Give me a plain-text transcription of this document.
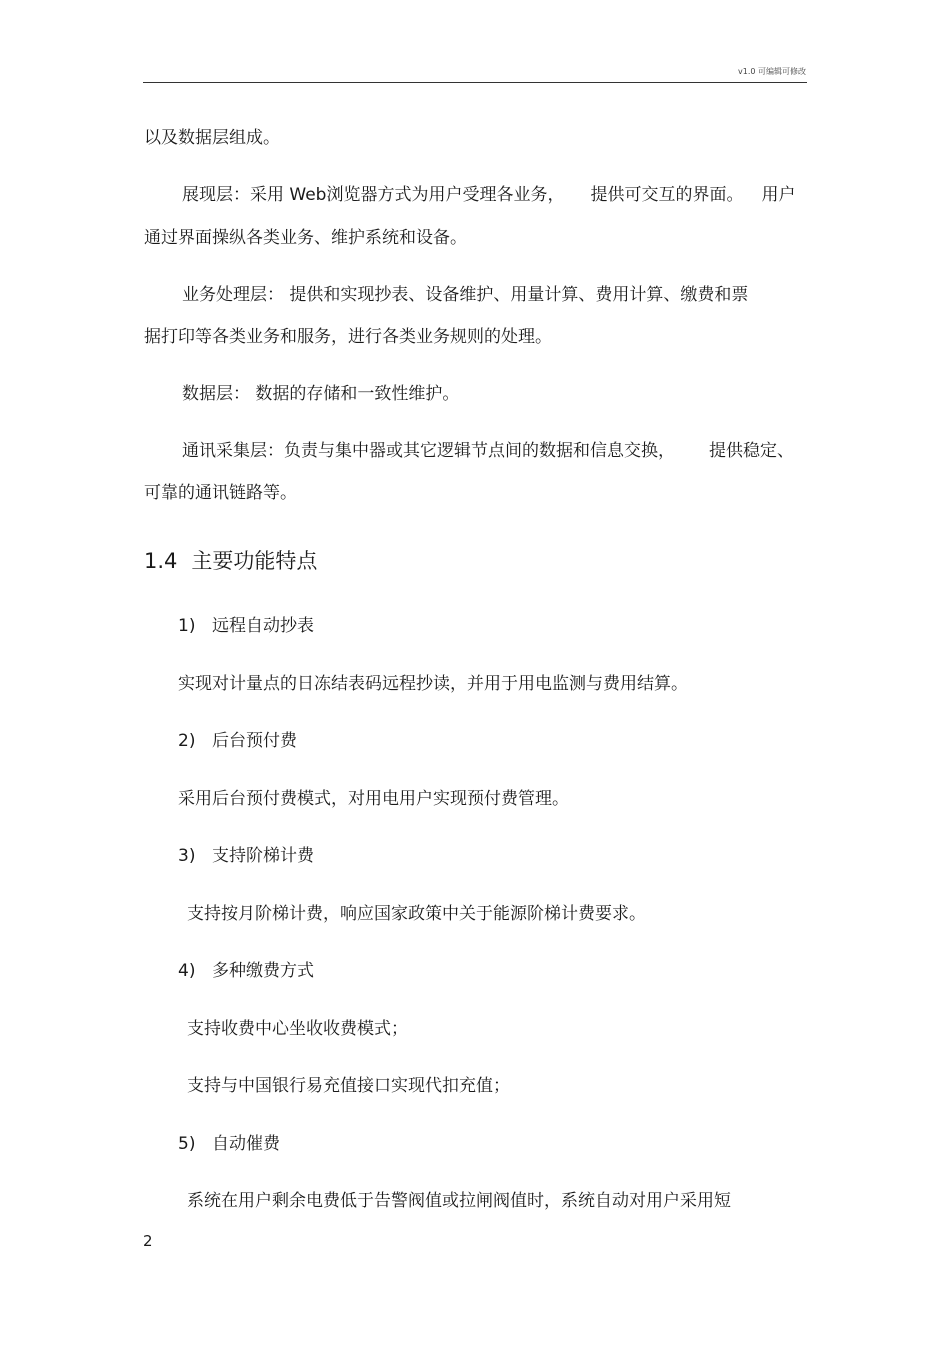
v1.0 可编辑可修改
以及数据层组成。
展现层：采用 Web浏览器方式为用户受理各业务， 提供可交互的界面。 用户
通过界面操纵各类业务、维护系统和设备。
业务处理层： 提供和实现抄表、设备维护、用量计算、费用计算、缴费和票
据打印等各类业务和服务，进行各类业务规则的处理。
数据层： 数据的存储和一致性维护。
通讯采集层：负责与集中器或其它逻辑节点间的数据和信息交换， 提供稳定、
可靠的通讯链路等。
1.4 主要功能特点
1) 远程自动抄表
实现对计量点的日冻结表码远程抄读，并用于用电监测与费用结算。
2) 后台预付费
采用后台预付费模式，对用电用户实现预付费管理。
3) 支持阶梯计费
支持按月阶梯计费，响应国家政策中关于能源阶梯计费要求。
4) 多种缴费方式
支持收费中心坐收收费模式；
支持与中国银行易充值接口实现代扣充值；
5) 自动催费
系统在用户剩余电费低于告警阀值或拉闸阀值时，系统自动对用户采用短
2
